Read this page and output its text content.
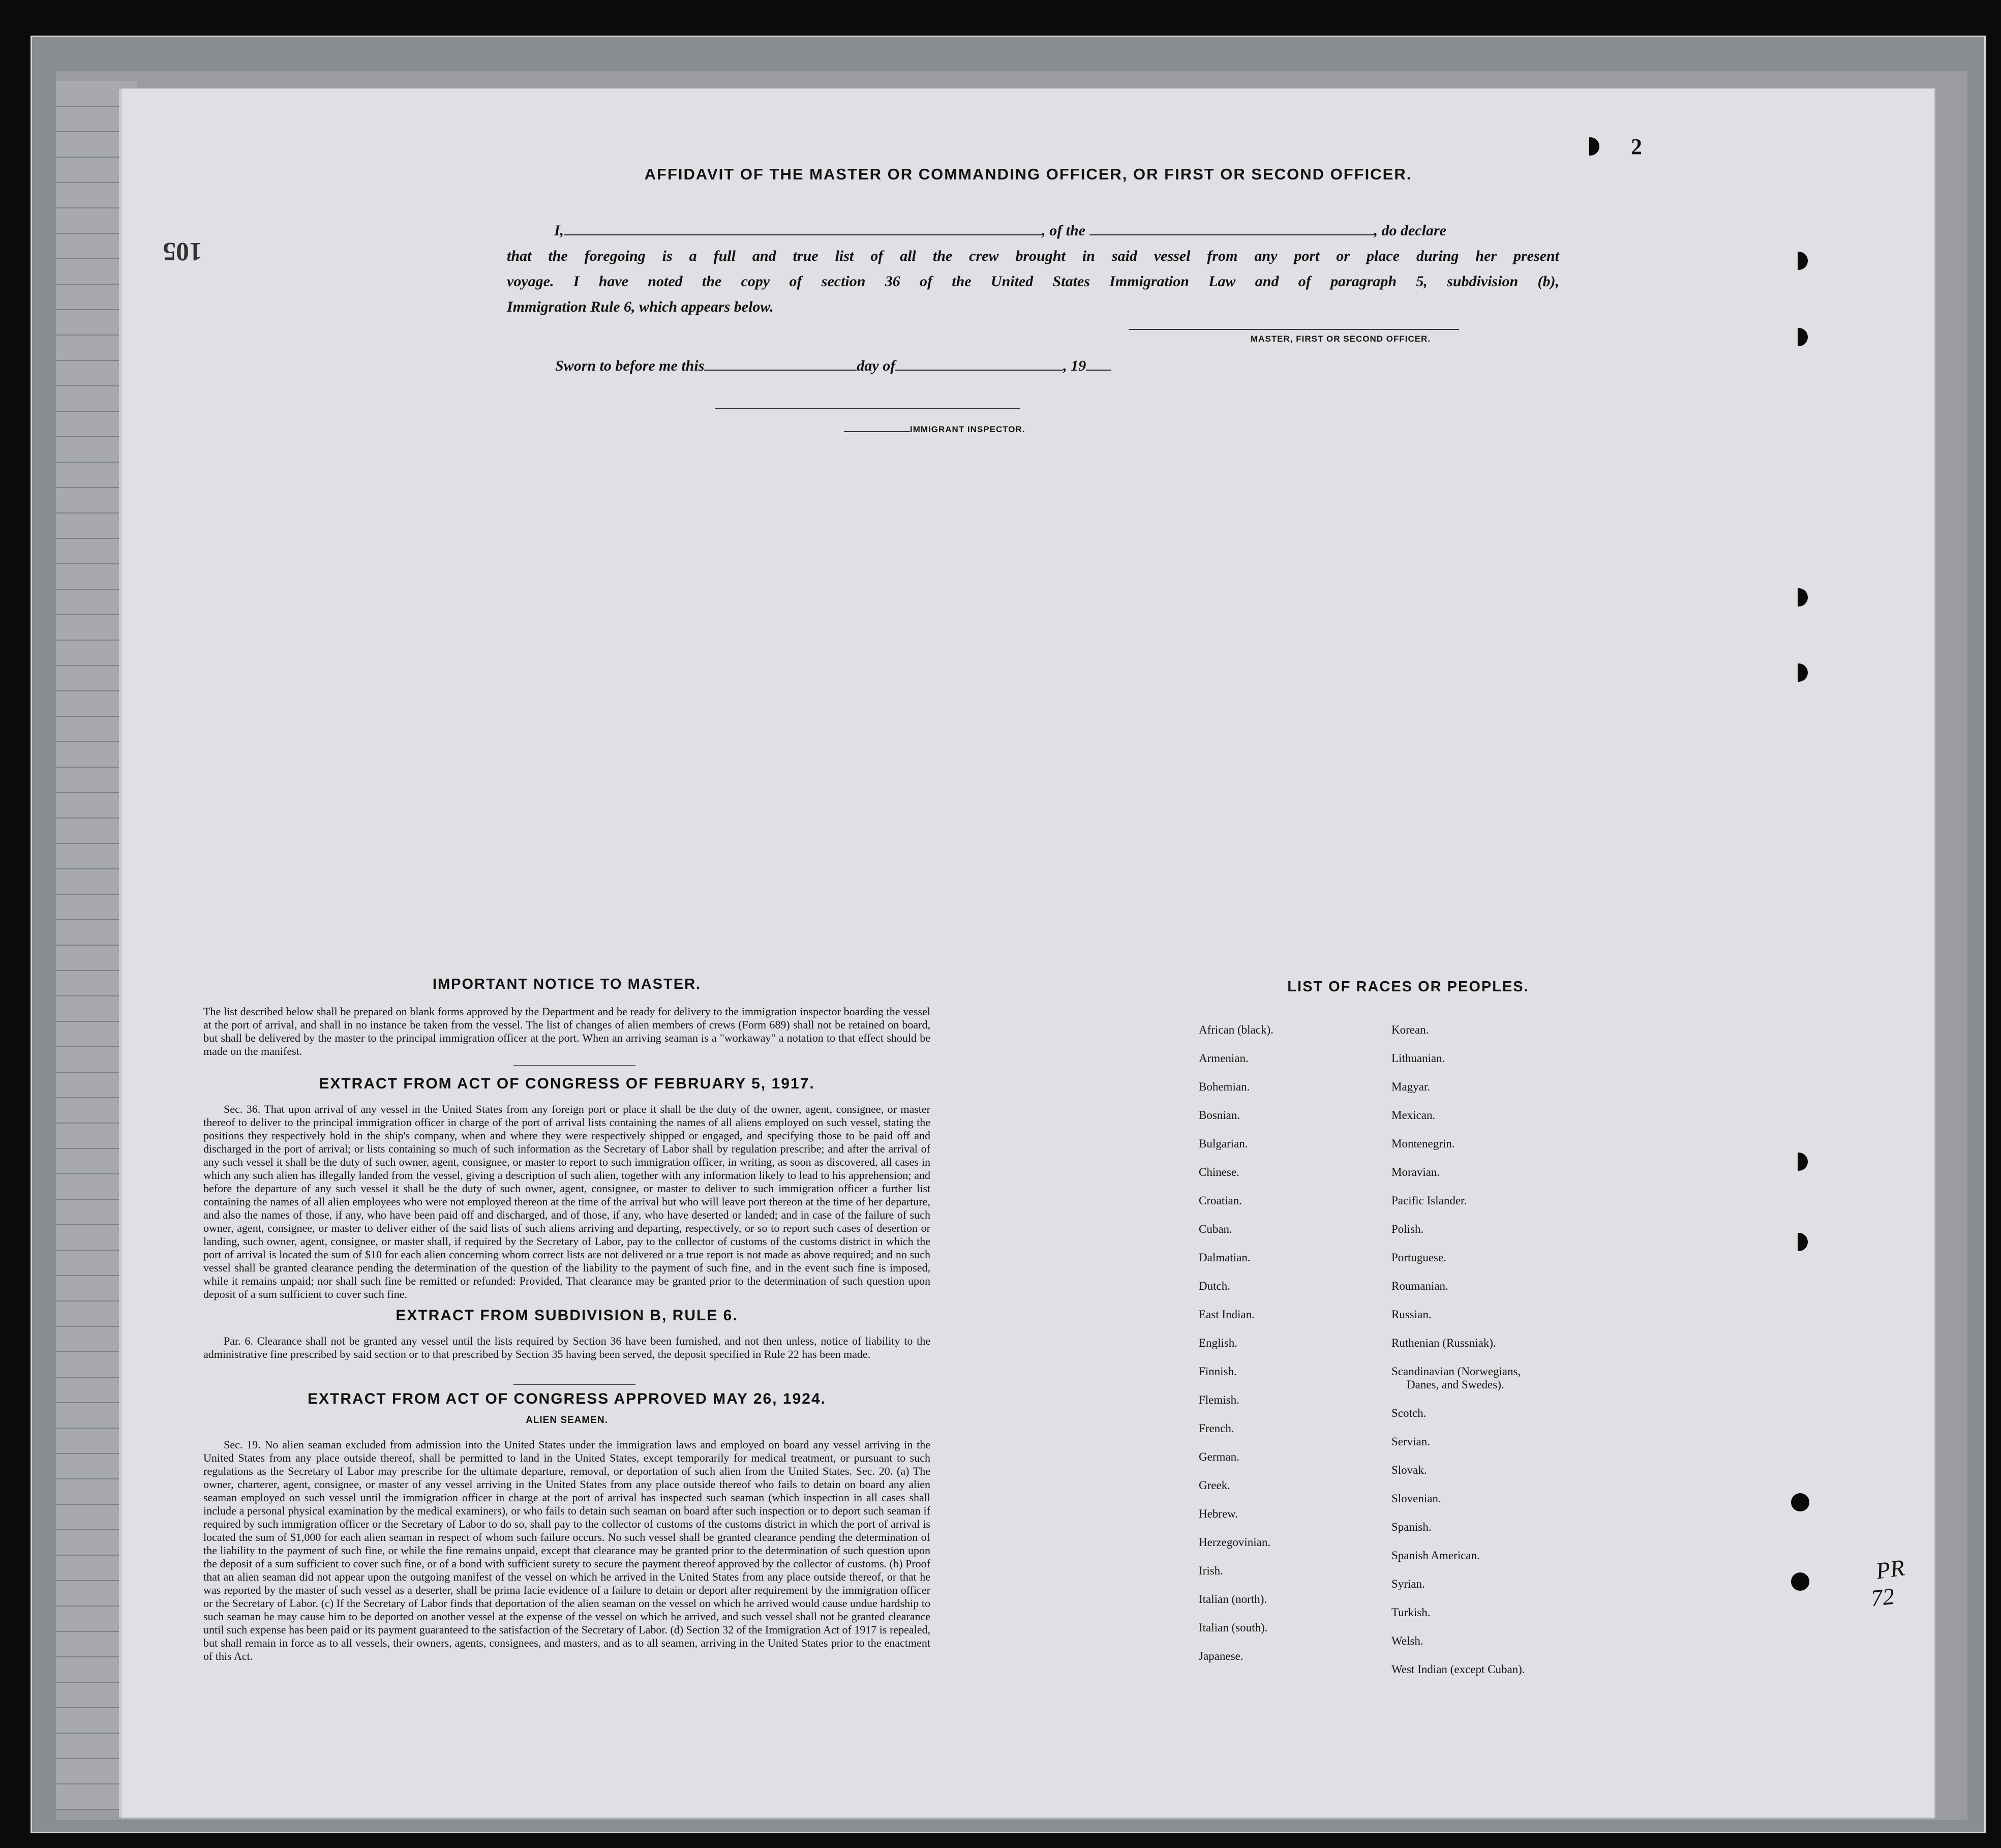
2
105
AFFIDAVIT OF THE MASTER OR COMMANDING OFFICER, OR FIRST OR SECOND OFFICER.
I,	, of the	, do declare
that the foregoing is a full and true list of all the crew brought in said vessel from any port or place during her present
voyage. I have noted the copy of section 36 of the United States Immigration Law and of paragraph 5, subdivision (b),
Immigration Rule 6, which appears below.
MASTER, FIRST OR SECOND OFFICER.
Sworn to before me this	day of	, 19
IMMIGRANT INSPECTOR.
IMPORTANT NOTICE TO MASTER.
The list described below shall be prepared on blank forms approved by the Department and be ready for delivery to the immigration inspector boarding the vessel at the port of arrival, and shall in no instance be taken from the vessel. The list of changes of alien members of crews (Form 689) shall not be retained on board, but shall be delivered by the master to the principal immigration officer at the port. When an arriving seaman is a "workaway" a notation to that effect should be made on the manifest.
EXTRACT FROM ACT OF CONGRESS OF FEBRUARY 5, 1917.
Sec. 36. That upon arrival of any vessel in the United States from any foreign port or place it shall be the duty of the owner, agent, consignee, or master thereof to deliver to the principal immigration officer in charge of the port of arrival lists containing the names of all aliens employed on such vessel, stating the positions they respectively hold in the ship's company, when and where they were respectively shipped or engaged, and specifying those to be paid off and discharged in the port of arrival; or lists containing so much of such information as the Secretary of Labor shall by regulation prescribe; and after the arrival of any such vessel it shall be the duty of such owner, agent, consignee, or master to report to such immigration officer, in writing, as soon as discovered, all cases in which any such alien has illegally landed from the vessel, giving a description of such alien, together with any information likely to lead to his apprehension; and before the departure of any such vessel it shall be the duty of such owner, agent, consignee, or master to deliver to such immigration officer a further list containing the names of all alien employees who were not employed thereon at the time of the arrival but who will leave port thereon at the time of her departure, and also the names of those, if any, who have been paid off and discharged, and of those, if any, who have deserted or landed; and in case of the failure of such owner, agent, consignee, or master to deliver either of the said lists of such aliens arriving and departing, respectively, or so to report such cases of desertion or landing, such owner, agent, consignee, or master shall, if required by the Secretary of Labor, pay to the collector of customs of the customs district in which the port of arrival is located the sum of $10 for each alien concerning whom correct lists are not delivered or a true report is not made as above required; and no such vessel shall be granted clearance pending the determination of the question of the liability to the payment of such fine, and in the event such fine is imposed, while it remains unpaid; nor shall such fine be remitted or refunded: Provided, That clearance may be granted prior to the determination of such question upon deposit of a sum sufficient to cover such fine.
EXTRACT FROM SUBDIVISION B, RULE 6.
Par. 6. Clearance shall not be granted any vessel until the lists required by Section 36 have been furnished, and not then unless, notice of liability to the administrative fine prescribed by said section or to that prescribed by Section 35 having been served, the deposit specified in Rule 22 has been made.
EXTRACT FROM ACT OF CONGRESS APPROVED MAY 26, 1924.
ALIEN SEAMEN.
Sec. 19. No alien seaman excluded from admission into the United States under the immigration laws and employed on board any vessel arriving in the United States from any place outside thereof, shall be permitted to land in the United States, except temporarily for medical treatment, or pursuant to such regulations as the Secretary of Labor may prescribe for the ultimate departure, removal, or deportation of such alien from the United States. Sec. 20. (a) The owner, charterer, agent, consignee, or master of any vessel arriving in the United States from any place outside thereof who fails to detain on board any alien seaman employed on such vessel until the immigration officer in charge at the port of arrival has inspected such seaman (which inspection in all cases shall include a personal physical examination by the medical examiners), or who fails to detain such seaman on board after such inspection or to deport such seaman if required by such immigration officer or the Secretary of Labor to do so, shall pay to the collector of customs of the customs district in which the port of arrival is located the sum of $1,000 for each alien seaman in respect of whom such failure occurs. No such vessel shall be granted clearance pending the determination of the liability to the payment of such fine, or while the fine remains unpaid, except that clearance may be granted prior to the determination of such question upon the deposit of a sum sufficient to cover such fine, or of a bond with sufficient surety to secure the payment thereof approved by the collector of customs. (b) Proof that an alien seaman did not appear upon the outgoing manifest of the vessel on which he arrived in the United States from any place outside thereof, or that he was reported by the master of such vessel as a deserter, shall be prima facie evidence of a failure to detain or deport after requirement by the immigration officer or the Secretary of Labor. (c) If the Secretary of Labor finds that deportation of the alien seaman on the vessel on which he arrived would cause undue hardship to such seaman he may cause him to be deported on another vessel at the expense of the vessel on which he arrived, and such vessel shall not be granted clearance until such expense has been paid or its payment guaranteed to the satisfaction of the Secretary of Labor. (d) Section 32 of the Immigration Act of 1917 is repealed, but shall remain in force as to all vessels, their owners, agents, consignees, and masters, and as to all seamen, arriving in the United States prior to the enactment of this Act.
LIST OF RACES OR PEOPLES.
African (black).
Armenian.
Bohemian.
Bosnian.
Bulgarian.
Chinese.
Croatian.
Cuban.
Dalmatian.
Dutch.
East Indian.
English.
Finnish.
Flemish.
French.
German.
Greek.
Hebrew.
Herzegovinian.
Irish.
Italian (north).
Italian (south).
Japanese.
Korean.
Lithuanian.
Magyar.
Mexican.
Montenegrin.
Moravian.
Pacific Islander.
Polish.
Portuguese.
Roumanian.
Russian.
Ruthenian (Russniak).
Scandinavian (Norwegians,
Danes, and Swedes).
Scotch.
Servian.
Slovak.
Slovenian.
Spanish.
Spanish American.
Syrian.
Turkish.
Welsh.
West Indian (except Cuban).
PR
72
